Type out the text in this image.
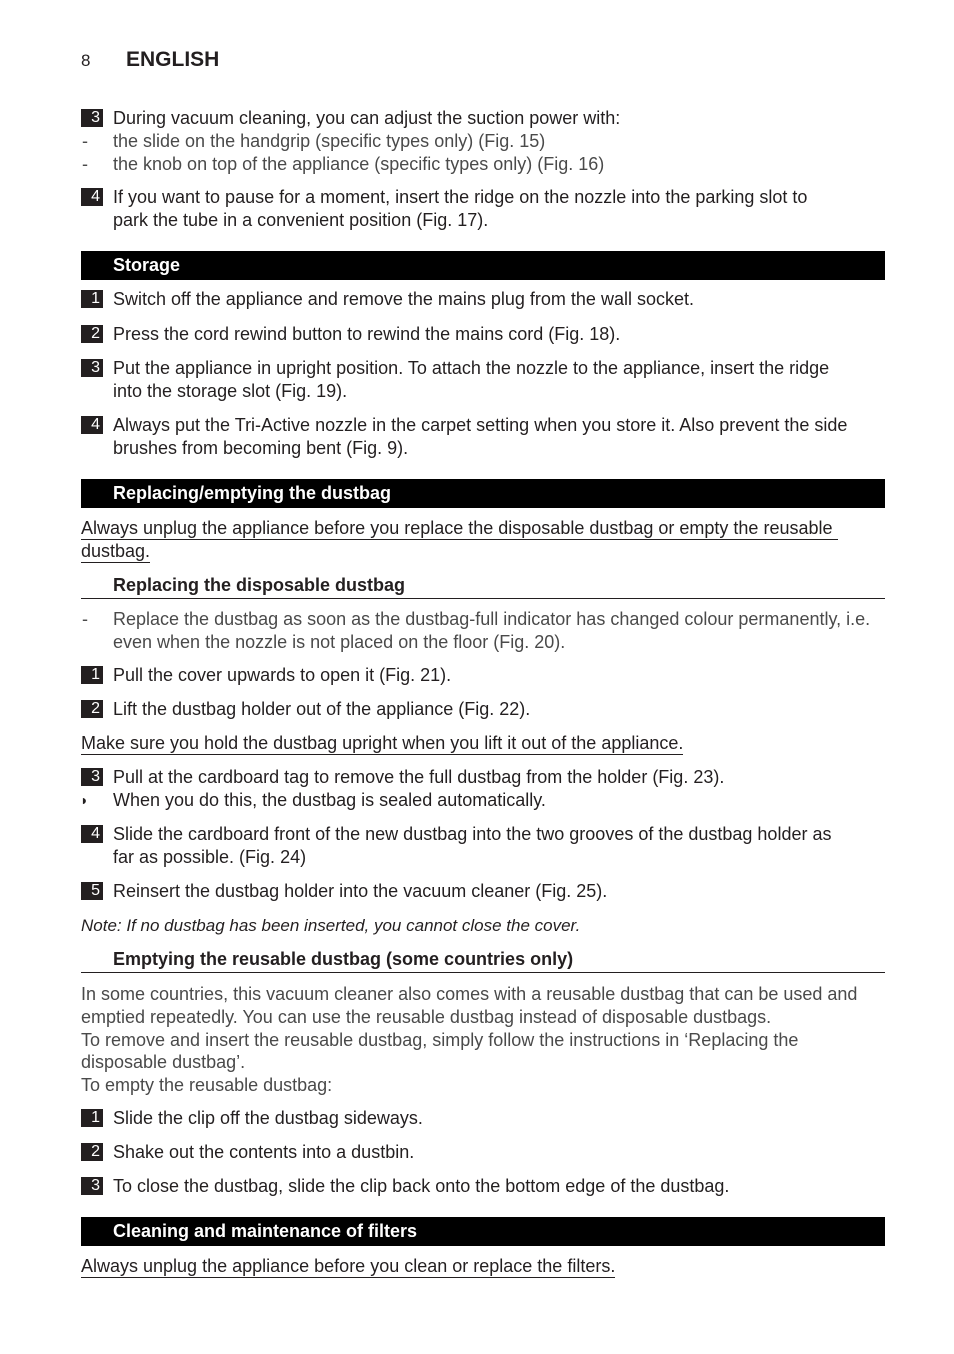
8 ENGLISH
3 During vacuum cleaning, you can adjust the suction power with:
- the slide on the handgrip (specific types only) (Fig. 15)
- the knob on top of the appliance (specific types only) (Fig. 16)
4 If you want to pause for a moment, insert the ridge on the nozzle into the parking slot to
park the tube in a convenient position (Fig. 17).
Storage
1 Switch off the appliance and remove the mains plug from the wall socket.
2 Press the cord rewind button to rewind the mains cord (Fig. 18).
3 Put the appliance in upright position. To attach the nozzle to the appliance, insert the ridge
into the storage slot (Fig. 19).
4 Always put the Tri-Active nozzle in the carpet setting when you store it. Also prevent the side
brushes from becoming bent (Fig. 9).
Replacing/emptying the dustbag
Always unplug the appliance before you replace the disposable dustbag or empty the reusable
dustbag.
Replacing the disposable dustbag
- Replace the dustbag as soon as the dustbag-full indicator has changed colour permanently, i.e.
even when the nozzle is not placed on the floor (Fig. 20).
1 Pull the cover upwards to open it (Fig. 21).
2 Lift the dustbag holder out of the appliance (Fig. 22).
Make sure you hold the dustbag upright when you lift it out of the appliance.
3 Pull at the cardboard tag to remove the full dustbag from the holder (Fig. 23).
◗ When you do this, the dustbag is sealed automatically.
4 Slide the cardboard front of the new dustbag into the two grooves of the dustbag holder as
far as possible. (Fig. 24)
5 Reinsert the dustbag holder into the vacuum cleaner (Fig. 25).
Note: If no dustbag has been inserted, you cannot close the cover.
Emptying the reusable dustbag (some countries only)
In some countries, this vacuum cleaner also comes with a reusable dustbag that can be used and
emptied repeatedly. You can use the reusable dustbag instead of disposable dustbags.
To remove and insert the reusable dustbag, simply follow the instructions in ‘Replacing the
disposable dustbag’.
To empty the reusable dustbag:
1 Slide the clip off the dustbag sideways.
2 Shake out the contents into a dustbin.
3 To close the dustbag, slide the clip back onto the bottom edge of the dustbag.
Cleaning and maintenance of filters
Always unplug the appliance before you clean or replace the filters.
